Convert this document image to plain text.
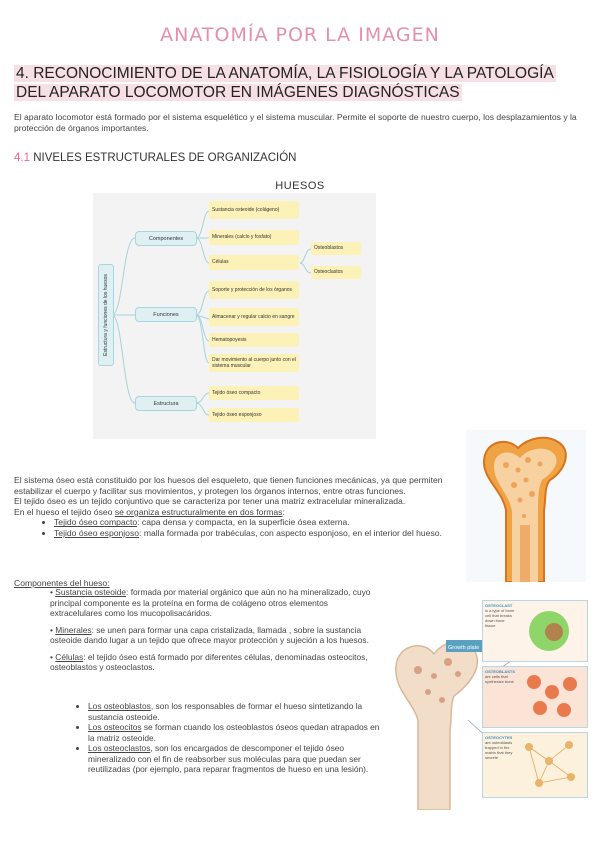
ANATOMÍA POR LA IMAGEN
4. RECONOCIMIENTO DE LA ANATOMÍA, LA FISIOLOGÍA Y LA PATOLOGÍA DEL APARATO LOCOMOTOR EN IMÁGENES DIAGNÓSTICAS
El aparato locomotor está formado por el sistema esquelético y el sistema muscular. Permite el soporte de nuestro cuerpo, los desplazamientos y la protección de órganos importantes.
4.1 NIVELES ESTRUCTURALES DE ORGANIZACIÓN
HUESOS
Estructura y funciones de los huesos
Componentes
Funciones
Estructura
Sustancia osteoide (colágeno)
Minerales (calcio y fosfato)
Células
Osteoblastos
Osteoclastos
Soporte y protección de los órganos
Almacenar y regular calcio en sangre
Hematopoyesis
Dar movimiento al cuerpo junto con el sistema muscular
Tejido óseo compacto
Tejido óseo esponjoso

El sistema óseo está constituido por los huesos del esqueleto, que tienen funciones mecánicas, ya que permiten estabilizar el cuerpo y facilitar sus movimientos, y protegen los órganos internos, entre otras funciones.

El tejido óseo es un tejido conjuntivo que se caracteriza por tener una matriz extracelular mineralizada.

En el hueso el tejido óseo se organiza estructuralmente en dos formas:

• Tejido óseo compacto: capa densa y compacta, en la superficie ósea externa.
• Tejido óseo esponjoso: malla formada por trabéculas, con aspecto esponjoso, en el interior del hueso.
Componentes del hueso:

• Sustancia osteoide: formada por material orgánico que aún no ha mineralizado, cuyo principal componente es la proteína en forma de colágeno otros elementos extracelulares como los mucopolisacáridos.

• Minerales: se unen para formar una capa cristalizada, llamada , sobre la sustancia osteoide dando lugar a un tejido que ofrece mayor protección y sujeción a los huesos.

• Células: el tejido óseo está formado por diferentes células, denominadas osteocitos, osteoblastos y osteoclastos.

• Los osteoblastos, son los responsables de formar el hueso sintetizando la sustancia osteoide.
• Los osteocitos se forman cuando los osteoblastos óseos quedan atrapados en la matriz osteoide.
• Los osteoclastos, son los encargados de descomponer el tejido óseo mineralizado con el fin de reabsorber sus moléculas para que puedan ser reutilizadas (por ejemplo, para reparar fragmentos de hueso en una lesión).
Growth plate
OSTEOCLAST
is a type of bone cell that breaks down bone tissue
OSTEOBLASTS
are cells that synthesize bone
OSTEOCYTES
are osteoblasts trapped in the matrix that they secrete
